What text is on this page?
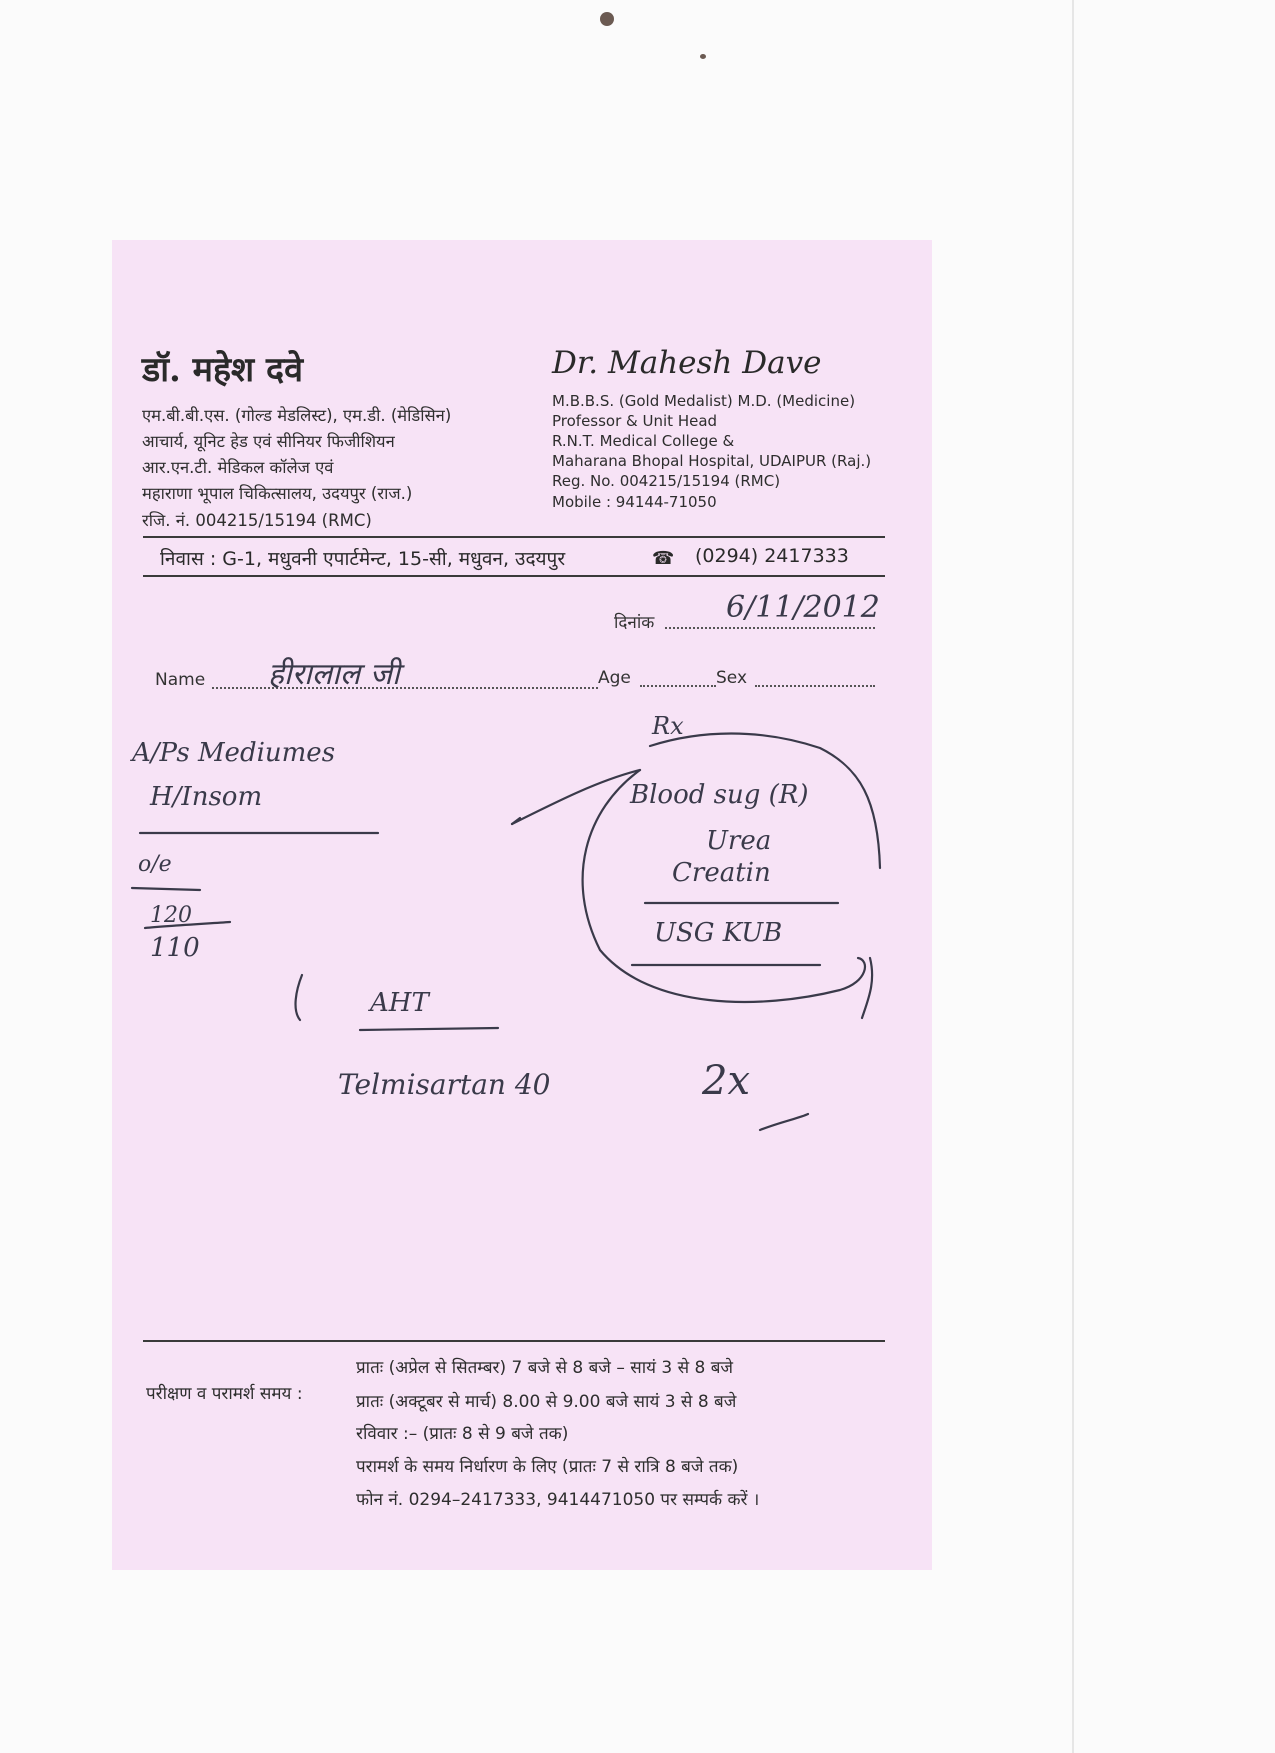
डॉ. महेश दवे
एम.बी.बी.एस. (गोल्ड मेडलिस्ट), एम.डी. (मेडिसिन)
आचार्य, यूनिट हेड एवं सीनियर फिजीशियन
आर.एन.टी. मेडिकल कॉलेज एवं
महाराणा भूपाल चिकित्सालय, उदयपुर (राज.)
रजि. नं. 004215/15194 (RMC)
Dr. Mahesh Dave
M.B.B.S. (Gold Medalist) M.D. (Medicine)
Professor & Unit Head
R.N.T. Medical College &
Maharana Bhopal Hospital, UDAIPUR (Raj.)
Reg. No. 004215/15194 (RMC)
Mobile : 94144-71050
निवास : G-1, मधुवनी एपार्टमेन्ट, 15-सी, मधुवन, उदयपुर	☎ (0294) 2417333
दिनांक 6/11/2012
Name हीरालाल जी	Age	Sex
A/Ps Mediumes
H/Insom
o/e
120
110
AHT
Telmisartan 40
Rx
Blood sug (R)
Urea
Creatin
USG KUB
2x
परीक्षण व परामर्श समय :
प्रातः (अप्रेल से सितम्बर) 7 बजे से 8 बजे – सायं 3 से 8 बजे
प्रातः (अक्टूबर से मार्च) 8.00 से 9.00 बजे सायं 3 से 8 बजे
रविवार :– (प्रातः 8 से 9 बजे तक)
परामर्श के समय निर्धारण के लिए (प्रातः 7 से रात्रि 8 बजे तक)
फोन नं. 0294–2417333, 9414471050 पर सम्पर्क करें ।
